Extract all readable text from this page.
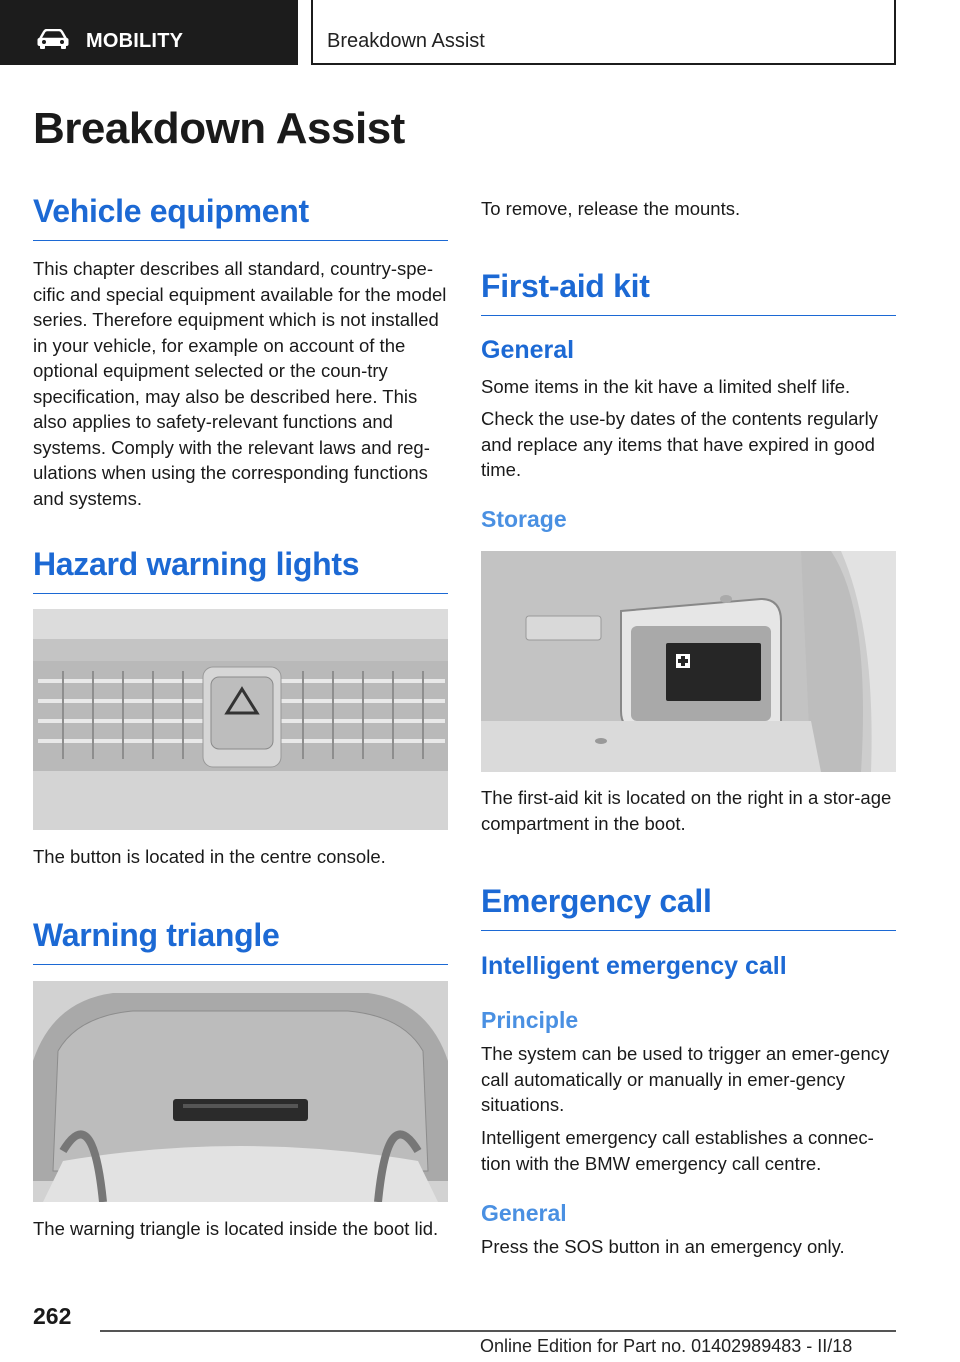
MOBILITY	Breakdown Assist
Breakdown Assist
Vehicle equipment

This chapter describes all standard, country-spe-cific and special equipment available for the model series. Therefore equipment which is not installed in your vehicle, for example on account of the optional equipment selected or the coun-try specification, may also be described here. This also applies to safety-relevant functions and systems. Comply with the relevant laws and reg-ulations when using the corresponding functions and systems.

Hazard warning lights

The button is located in the centre console.

Warning triangle

The warning triangle is located inside the boot lid.

To remove, release the mounts.

First-aid kit
General

Some items in the kit have a limited shelf life.

Check the use-by dates of the contents regularly and replace any items that have expired in good time.

Storage

The first-aid kit is located on the right in a stor-age compartment in the boot.

Emergency call
Intelligent emergency call
Principle

The system can be used to trigger an emer-gency call automatically or manually in emer-gency situations.

Intelligent emergency call establishes a connec-tion with the BMW emergency call centre.

General

Press the SOS button in an emergency only.

262
Online Edition for Part no. 01402989483 - II/18
